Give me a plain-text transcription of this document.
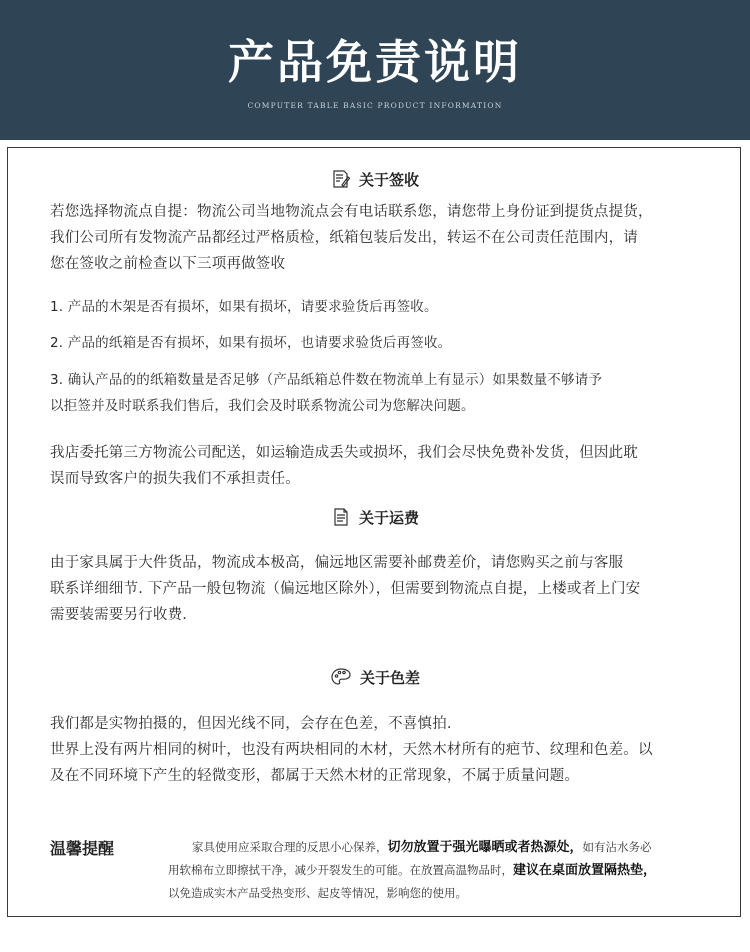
产品免责说明
COMPUTER TABLE BASIC PRODUCT INFORMATION
关于签收

若您选择物流点自提：物流公司当地物流点会有电话联系您，请您带上身份证到提货点提货，

我们公司所有发物流产品都经过严格质检，纸箱包装后发出，转运不在公司责任范围内，请

您在签收之前检查以下三项再做签收

1. 产品的木架是否有损坏，如果有损坏，请要求验货后再签收。

2. 产品的纸箱是否有损坏，如果有损坏，也请要求验货后再签收。

3. 确认产品的的纸箱数量是否足够（产品纸箱总件数在物流单上有显示）如果数量不够请予

以拒签并及时联系我们售后，我们会及时联系物流公司为您解决问题。

我店委托第三方物流公司配送，如运输造成丢失或损坏，我们会尽快免费补发货，但因此耽

误而导致客户的损失我们不承担责任。

关于运费

由于家具属于大件货品，物流成本极高，偏远地区需要补邮费差价，请您购买之前与客服

联系详细细节. 下产品一般包物流（偏远地区除外），但需要到物流点自提，上楼或者上门安

需要装需要另行收费.

关于色差

我们都是实物拍摄的，但因光线不同，会存在色差，不喜慎拍.

世界上没有两片相同的树叶，也没有两块相同的木材，天然木材所有的疤节、纹理和色差。以

及在不同环境下产生的轻微变形，都属于天然木材的正常现象，不属于质量问题。

温馨提醒	家具使用应采取合理的反思小心保养，切勿放置于强光曝晒或者热源处，如有沾水务必

用软棉布立即擦拭干净，减少开裂发生的可能。在放置高温物品时，建议在桌面放置隔热垫，

以免造成实木产品受热变形、起皮等情况，影响您的使用。
